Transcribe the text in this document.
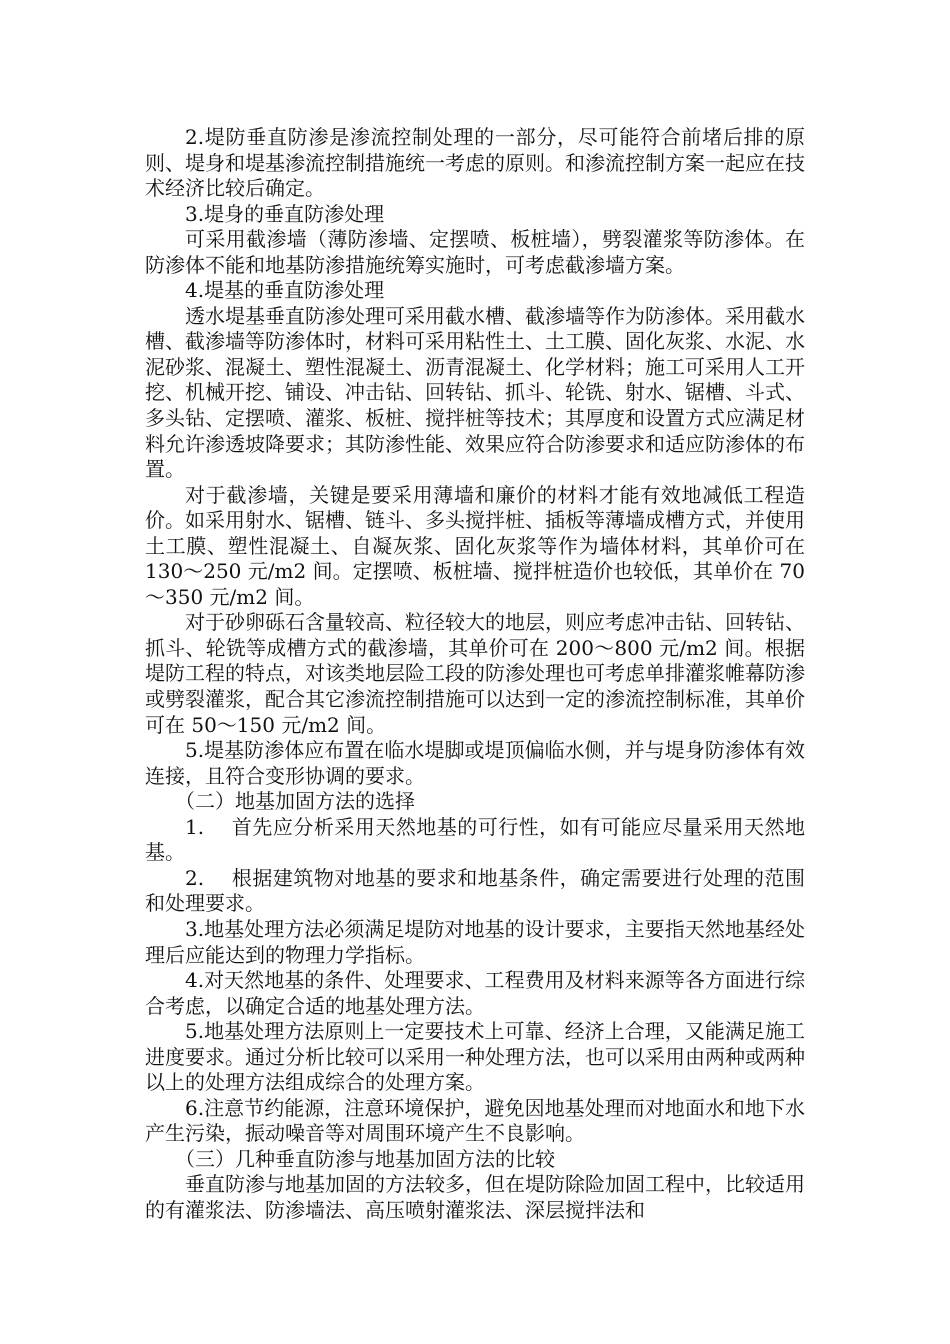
2.堤防垂直防渗是渗流控制处理的一部分，尽可能符合前堵后排的原则、堤身和堤基渗流控制措施统一考虑的原则。和渗流控制方案一起应在技术经济比较后确定。

3.堤身的垂直防渗处理

可采用截渗墙（薄防渗墙、定摆喷、板桩墙），劈裂灌浆等防渗体。在防渗体不能和地基防渗措施统筹实施时，可考虑截渗墙方案。

4.堤基的垂直防渗处理

透水堤基垂直防渗处理可采用截水槽、截渗墙等作为防渗体。采用截水槽、截渗墙等防渗体时，材料可采用粘性土、土工膜、固化灰浆、水泥、水泥砂浆、混凝土、塑性混凝土、沥青混凝土、化学材料；施工可采用人工开挖、机械开挖、铺设、冲击钻、回转钻、抓斗、轮铣、射水、锯槽、斗式、多头钻、定摆喷、灌浆、板桩、搅拌桩等技术；其厚度和设置方式应满足材料允许渗透坡降要求；其防渗性能、效果应符合防渗要求和适应防渗体的布置。

对于截渗墙，关键是要采用薄墙和廉价的材料才能有效地减低工程造价。如采用射水、锯槽、链斗、多头搅拌桩、插板等薄墙成槽方式，并使用土工膜、塑性混凝土、自凝灰浆、固化灰浆等作为墙体材料，其单价可在 130～250 元/m2 间。定摆喷、板桩墙、搅拌桩造价也较低，其单价在 70～350 元/m2 间。

对于砂卵砾石含量较高、粒径较大的地层，则应考虑冲击钻、回转钻、抓斗、轮铣等成槽方式的截渗墙，其单价可在 200～800 元/m2 间。根据堤防工程的特点，对该类地层险工段的防渗处理也可考虑单排灌浆帷幕防渗或劈裂灌浆，配合其它渗流控制措施可以达到一定的渗流控制标准，其单价可在 50～150 元/m2 间。

5.堤基防渗体应布置在临水堤脚或堤顶偏临水侧，并与堤身防渗体有效连接，且符合变形协调的要求。

（二）地基加固方法的选择

1.　 首先应分析采用天然地基的可行性，如有可能应尽量采用天然地基。

2.　 根据建筑物对地基的要求和地基条件，确定需要进行处理的范围和处理要求。

3.地基处理方法必须满足堤防对地基的设计要求，主要指天然地基经处理后应能达到的物理力学指标。

4.对天然地基的条件、处理要求、工程费用及材料来源等各方面进行综合考虑，以确定合适的地基处理方法。

5.地基处理方法原则上一定要技术上可靠、经济上合理，又能满足施工进度要求。通过分析比较可以采用一种处理方法，也可以采用由两种或两种以上的处理方法组成综合的处理方案。

6.注意节约能源，注意环境保护，避免因地基处理而对地面水和地下水产生污染，振动噪音等对周围环境产生不良影响。

（三）几种垂直防渗与地基加固方法的比较

垂直防渗与地基加固的方法较多，但在堤防除险加固工程中，比较适用的有灌浆法、防渗墙法、高压喷射灌浆法、深层搅拌法和
